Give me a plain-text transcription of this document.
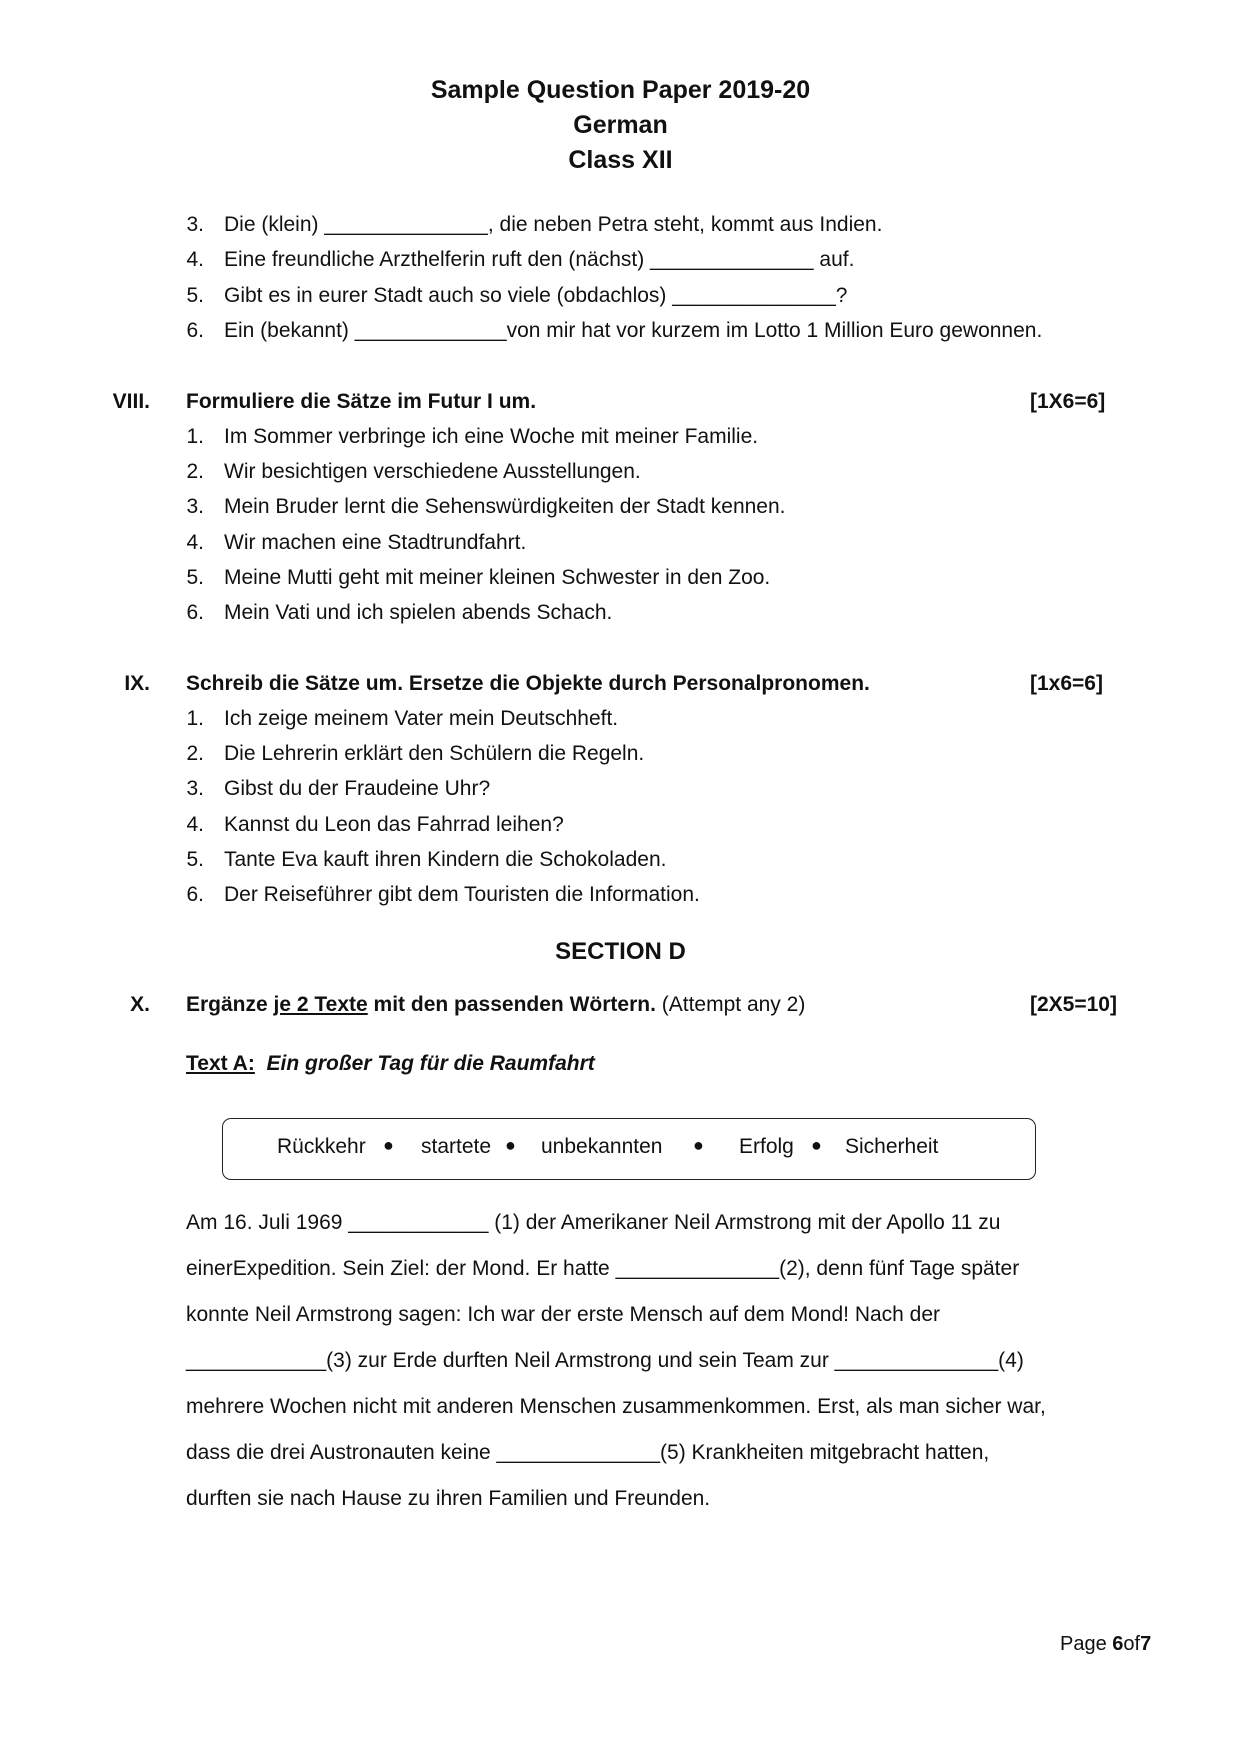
Sample Question Paper 2019-20
German
Class XII
3. Die (klein) ______________, die neben Petra steht, kommt aus Indien.
4. Eine freundliche Arzthelferin ruft den (nächst) ______________ auf.
5. Gibt es in eurer Stadt auch so viele (obdachlos) ______________?
6. Ein (bekannt) _____________von mir hat vor kurzem im Lotto 1 Million Euro gewonnen.
VIII. Formuliere die Sätze im Futur I um.	[1X6=6]
1. Im Sommer verbringe ich eine Woche mit meiner Familie.
2. Wir besichtigen verschiedene Ausstellungen.
3. Mein Bruder lernt die Sehenswürdigkeiten der Stadt kennen.
4. Wir machen eine Stadtrundfahrt.
5. Meine Mutti geht mit meiner kleinen Schwester in den Zoo.
6. Mein Vati und ich spielen abends Schach.
IX. Schreib die Sätze um. Ersetze die Objekte durch Personalpronomen.	[1x6=6]
1. Ich zeige meinem Vater mein Deutschheft.
2. Die Lehrerin erklärt den Schülern die Regeln.
3. Gibst du der Fraudeine Uhr?
4. Kannst du Leon das Fahrrad leihen?
5. Tante Eva kauft ihren Kindern die Schokoladen.
6. Der Reiseführer gibt dem Touristen die Information.
SECTION D
X. Ergänze je 2 Texte mit den passenden Wörtern. (Attempt any 2)	[2X5=10]
Text A: Ein großer Tag für die Raumfahrt
Rückkehr ● startete ● unbekannten ● Erfolg ● Sicherheit
Am 16. Juli 1969 ____________ (1) der Amerikaner Neil Armstrong mit der Apollo 11 zu
einerExpedition. Sein Ziel: der Mond. Er hatte ______________(2), denn fünf Tage später
konnte Neil Armstrong sagen: Ich war der erste Mensch auf dem Mond! Nach der
____________(3) zur Erde durften Neil Armstrong und sein Team zur ______________(4)
mehrere Wochen nicht mit anderen Menschen zusammenkommen. Erst, als man sicher war,
dass die drei Austronauten keine ______________(5) Krankheiten mitgebracht hatten,
durften sie nach Hause zu ihren Familien und Freunden.
Page 6of7
